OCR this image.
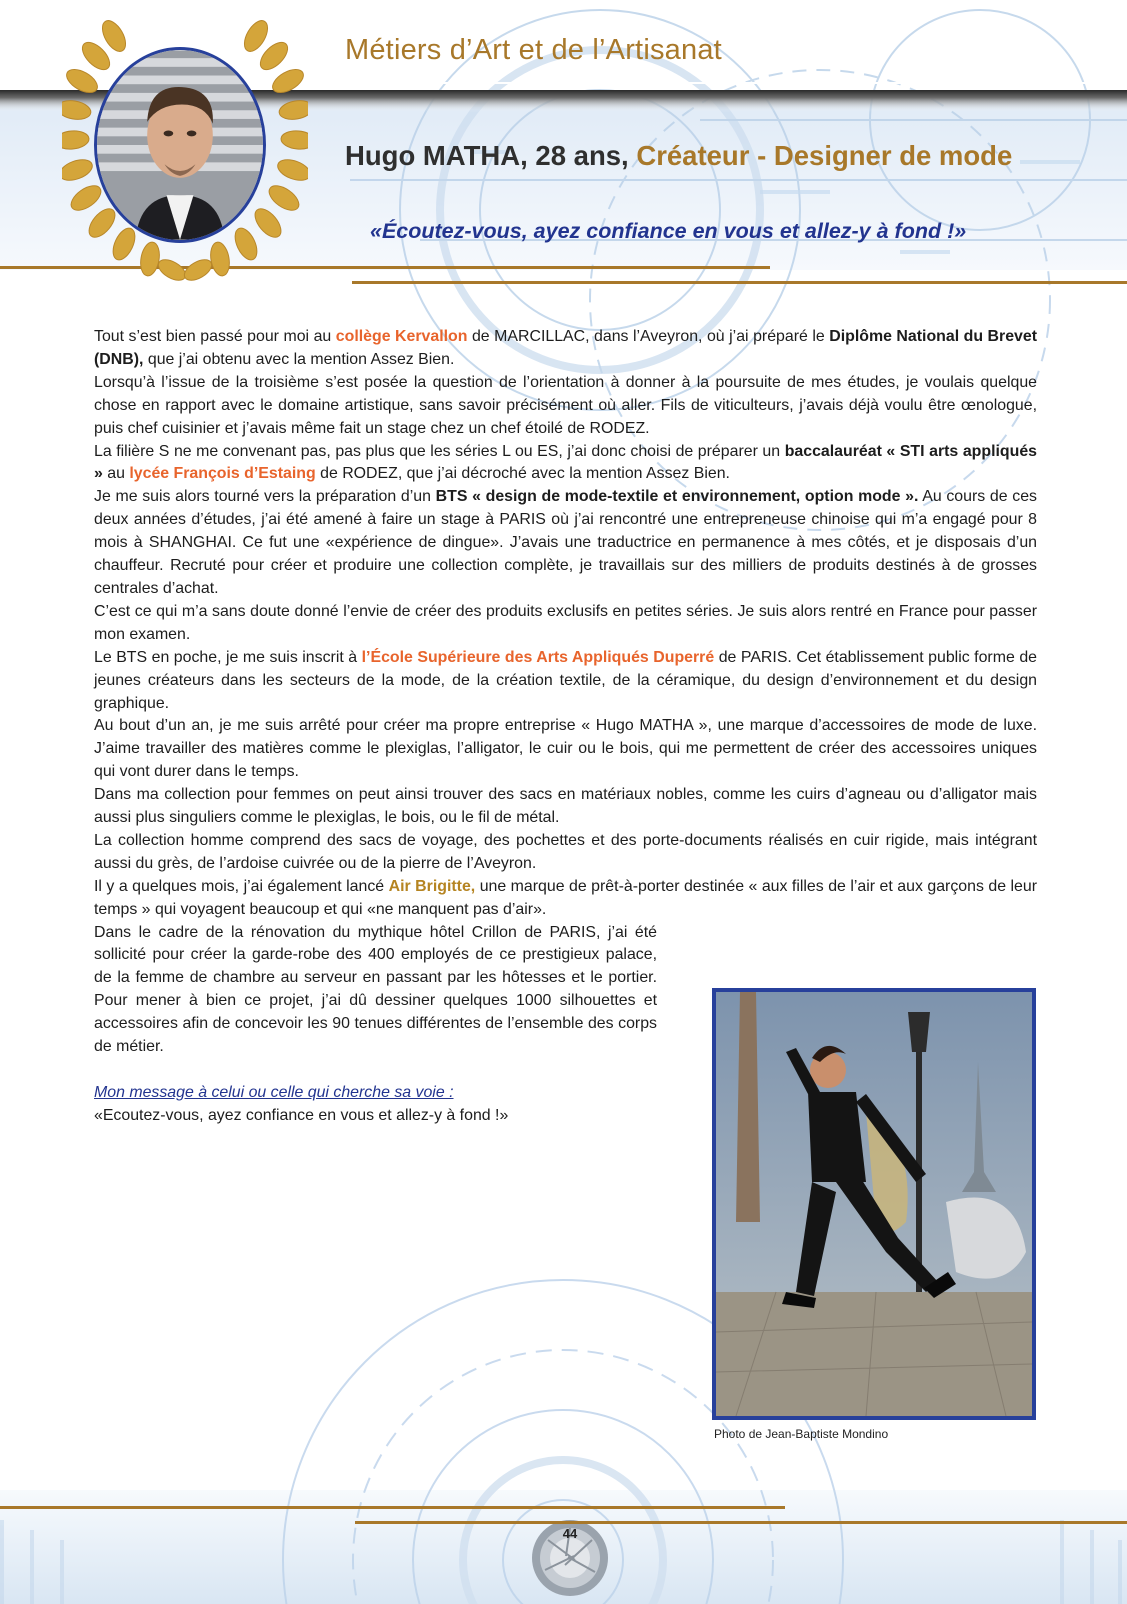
Métiers d’Art et de l’Artisanat
Hugo MATHA, 28 ans, Créateur - Designer de mode

«Écoutez-vous, ayez confiance en vous et allez-y à fond !»

Tout s’est bien passé pour moi au collège Kervallon de MARCILLAC, dans l’Aveyron, où j’ai préparé le Diplôme National du Brevet (DNB), que j’ai obtenu avec la mention Assez Bien.

Lorsqu’à l’issue de la troisième s’est posée la question de l’orientation à donner à la poursuite de mes études, je voulais quelque chose en rapport avec le domaine artistique, sans savoir précisément où aller. Fils de viticulteurs, j’avais déjà voulu être œnologue, puis chef cuisinier et j’avais même fait un stage chez un chef étoilé de RODEZ.

La filière S ne me convenant pas, pas plus que les séries L ou ES, j’ai donc choisi de préparer un baccalauréat « STI arts appliqués » au lycée François d’Estaing de RODEZ, que j’ai décroché avec la mention Assez Bien.

Je me suis alors tourné vers la préparation d’un BTS « design de mode-textile et environnement, option mode ». Au cours de ces deux années d’études, j’ai été amené à faire un stage à PARIS où j’ai rencontré une entrepreneuse chinoise qui m’a engagé pour 8 mois à SHANGHAI. Ce fut une «expérience de dingue». J’avais une traductrice en permanence à mes côtés, et je disposais d’un chauffeur. Recruté pour créer et produire une collection complète, je travaillais sur des milliers de produits destinés à de grosses centrales d’achat.

C’est ce qui m’a sans doute donné l’envie de créer des produits exclusifs en petites séries. Je suis alors rentré en France pour passer mon examen.

Le BTS en poche, je me suis inscrit à l’École Supérieure des Arts Appliqués Duperré de PARIS. Cet établissement public forme de jeunes créateurs dans les secteurs de la mode, de la création textile, de la céramique, du design d’environnement et du design graphique.

Au bout d’un an, je me suis arrêté pour créer ma propre entreprise « Hugo MATHA », une marque d’accessoires de mode de luxe. J’aime travailler des matières comme le plexiglas, l’alligator, le cuir ou le bois, qui me permettent de créer des accessoires uniques qui vont durer dans le temps.

Dans ma collection pour femmes on peut ainsi trouver des sacs en matériaux nobles, comme les cuirs d’agneau ou d’alligator mais aussi plus singuliers comme le plexiglas, le bois, ou le fil de métal.

La collection homme comprend des sacs de voyage, des pochettes et des porte-documents réalisés en cuir rigide, mais intégrant aussi du grès, de l’ardoise cuivrée ou de la pierre de l’Aveyron.

Il y a quelques mois, j’ai également lancé Air Brigitte, une marque de prêt-à-porter destinée « aux filles de l’air et aux garçons de leur temps » qui voyagent beaucoup et qui «ne manquent pas d’air».

Dans le cadre de la rénovation du mythique hôtel Crillon de PARIS, j’ai été sollicité pour créer la garde-robe des 400 employés de ce prestigieux palace, de la femme de chambre au serveur en passant par les hôtesses et le portier. Pour mener à bien ce projet, j’ai dû dessiner quelques 1000 silhouettes et accessoires afin de concevoir les 90 tenues différentes de l’ensemble des corps de métier.

Mon message à celui ou celle qui cherche sa voie :

«Ecoutez-vous, ayez confiance en vous et allez-y à fond !»

Photo de Jean-Baptiste Mondino

44
